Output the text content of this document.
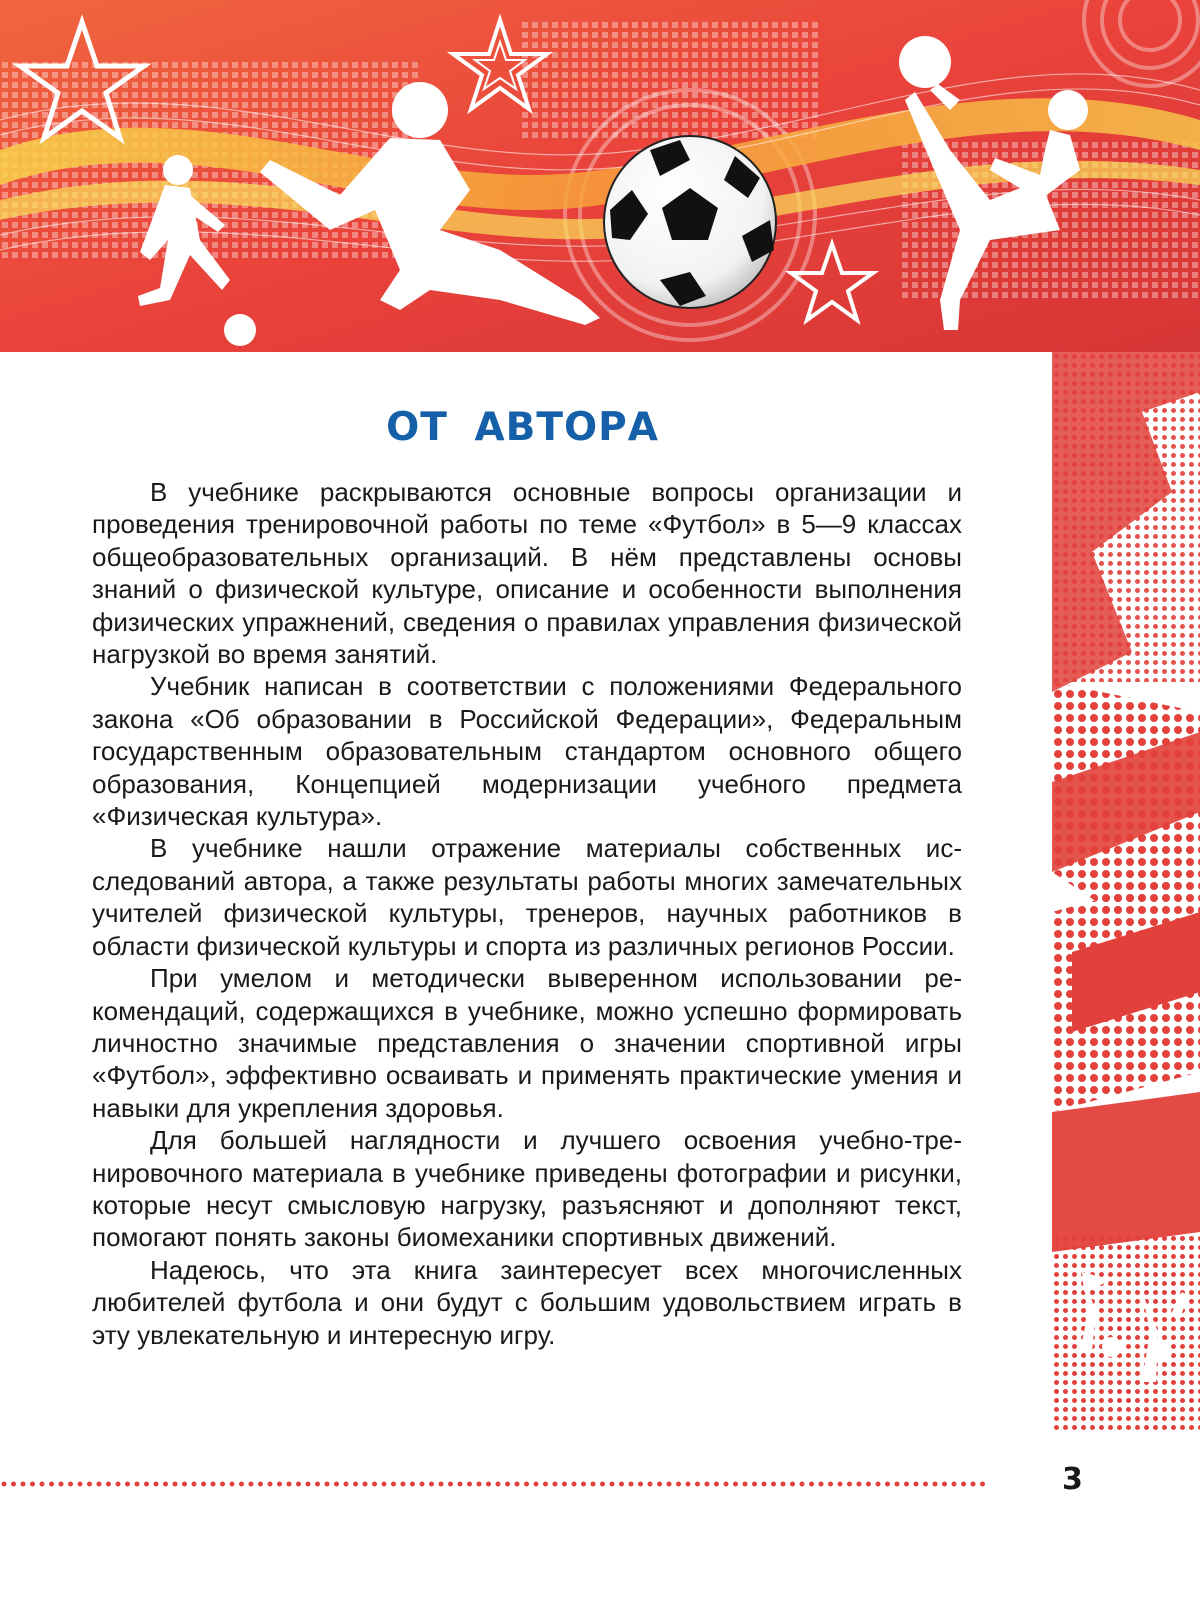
ОТ АВТОРА

В учебнике раскрываются основные вопросы организации и проведения тренировочной работы по теме «Футбол» в 5—9 классах общеобразовательных организаций. В нём представлены основы знаний о физической культуре, описание и особенности выполнения физических упражнений, сведения о правилах управления физической нагрузкой во время занятий.

Учебник написан в соответствии с положениями Федерального закона «Об образовании в Российской Федерации», Федеральным государственным образовательным стандартом основного общего образования, Концепцией модернизации учебного предмета «Физическая культура».

В учебнике нашли отражение материалы собственных исследований автора, а также результаты работы многих замечательных учителей физической культуры, тренеров, научных работников в области физической культуры и спорта из различных регионов России.

При умелом и методически выверенном использовании рекомендаций, содержащихся в учебнике, можно успешно формировать личностно значимые представления о значении спортивной игры «Футбол», эффективно осваивать и применять практические умения и навыки для укрепления здоровья.

Для большей наглядности и лучшего освоения учебно-тренировочного материала в учебнике приведены фотографии и рисунки, которые несут смысловую нагрузку, разъясняют и дополняют текст, помогают понять законы биомеханики спортивных движений.

Надеюсь, что эта книга заинтересует всех многочисленных любителей футбола и они будут с большим удовольствием играть в эту увлекательную и интересную игру.

3
